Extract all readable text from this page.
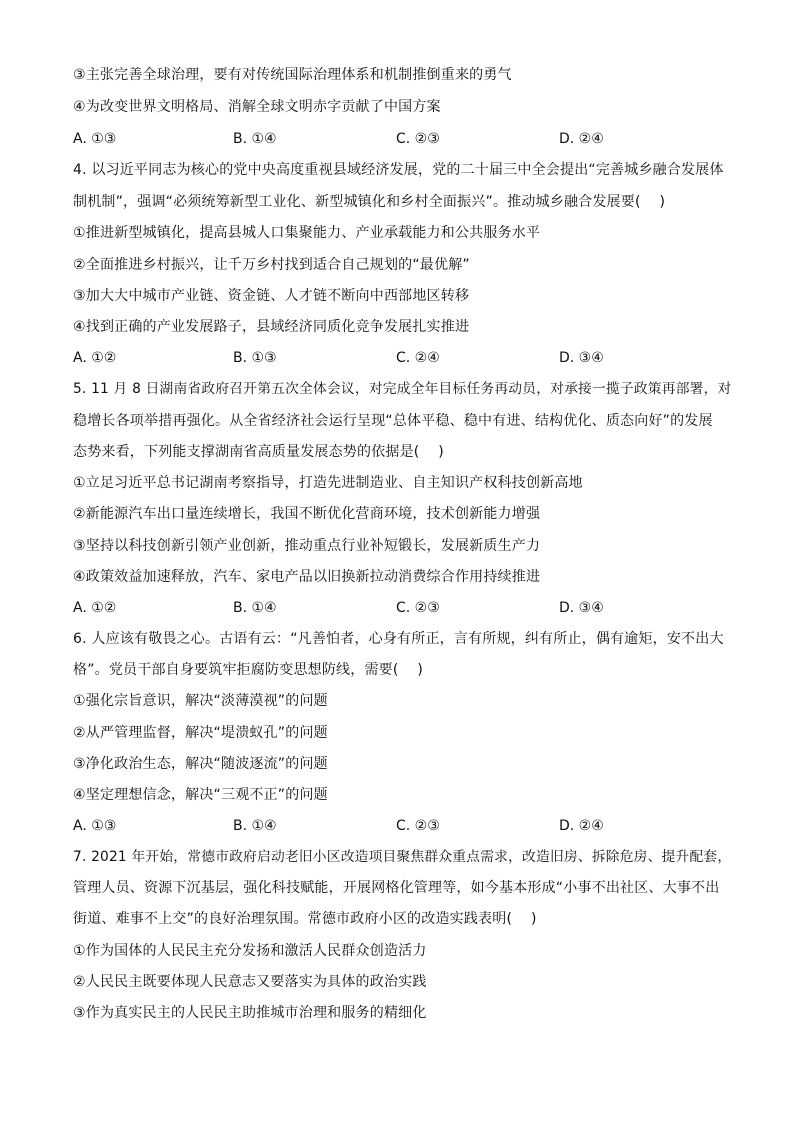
③主张完善全球治理，要有对传统国际治理体系和机制推倒重来的勇气
④为改变世界文明格局、消解全球文明赤字贡献了中国方案
A. ①③	B. ①④	C. ②③	D. ②④
4. 以习近平同志为核心的党中央高度重视县域经济发展，党的二十届三中全会提出“完善城乡融合发展体
制机制”，强调“必须统筹新型工业化、新型城镇化和乡村全面振兴”。推动城乡融合发展要(　 )
①推进新型城镇化，提高县城人口集聚能力、产业承载能力和公共服务水平
②全面推进乡村振兴，让千万乡村找到适合自己规划的“最优解”
③加大大中城市产业链、资金链、人才链不断向中西部地区转移
④找到正确的产业发展路子，县域经济同质化竞争发展扎实推进
A. ①②	B. ①③	C. ②④	D. ③④
5. 11 月 8 日湖南省政府召开第五次全体会议，对完成全年目标任务再动员，对承接一揽子政策再部署，对
稳增长各项举措再强化。从全省经济社会运行呈现“总体平稳、稳中有进、结构优化、质态向好”的发展
态势来看，下列能支撑湖南省高质量发展态势的依据是(　 )
①立足习近平总书记湖南考察指导，打造先进制造业、自主知识产权科技创新高地
②新能源汽车出口量连续增长，我国不断优化营商环境，技术创新能力增强
③坚持以科技创新引领产业创新，推动重点行业补短锻长，发展新质生产力
④政策效益加速释放，汽车、家电产品以旧换新拉动消费综合作用持续推进
A. ①②	B. ①④	C. ②③	D. ③④
6. 人应该有敬畏之心。古语有云：“凡善怕者，心身有所正，言有所规，纠有所止，偶有逾矩，安不出大
格”。党员干部自身要筑牢拒腐防变思想防线，需要(　 )
①强化宗旨意识，解决“淡薄漠视”的问题
②从严管理监督，解决“堤溃蚁孔”的问题
③净化政治生态，解决“随波逐流”的问题
④坚定理想信念，解决“三观不正”的问题
A. ①③	B. ①④	C. ②③	D. ②④
7. 2021 年开始，常德市政府启动老旧小区改造项目聚焦群众重点需求，改造旧房、拆除危房、提升配套，
管理人员、资源下沉基层，强化科技赋能，开展网格化管理等，如今基本形成“小事不出社区、大事不出
街道、难事不上交”的良好治理氛围。常德市政府小区的改造实践表明(　 )
①作为国体的人民民主充分发扬和激活人民群众创造活力
②人民民主既要体现人民意志又要落实为具体的政治实践
③作为真实民主的人民民主助推城市治理和服务的精细化
